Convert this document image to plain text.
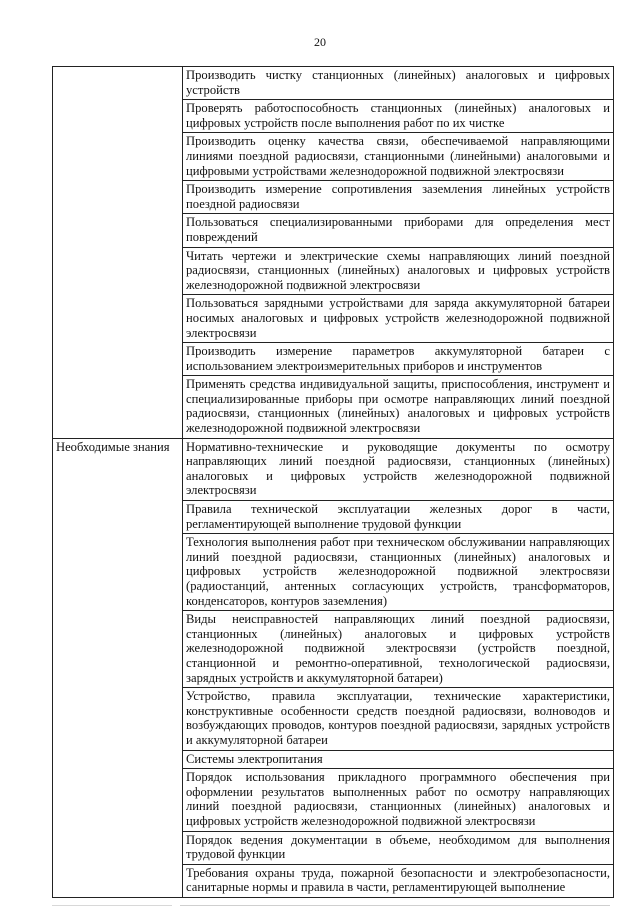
20
	Производить чистку станционных (линейных) аналоговых и цифровых устройств
	Проверять работоспособность станционных (линейных) аналоговых и цифровых устройств после выполнения работ по их чистке
	Производить оценку качества связи, обеспечиваемой направляющими линиями поездной радиосвязи, станционными (линейными) аналоговыми и цифровыми устройствами железнодорожной подвижной электросвязи
	Производить измерение сопротивления заземления линейных устройств поездной радиосвязи
	Пользоваться специализированными приборами для определения мест повреждений
	Читать чертежи и электрические схемы направляющих линий поездной радиосвязи, станционных (линейных) аналоговых и цифровых устройств железнодорожной подвижной электросвязи
	Пользоваться зарядными устройствами для заряда аккумуляторной батареи носимых аналоговых и цифровых устройств железнодорожной подвижной электросвязи
	Производить измерение параметров аккумуляторной батареи с использованием электроизмерительных приборов и инструментов
	Применять средства индивидуальной защиты, приспособления, инструмент и специализированные приборы при осмотре направляющих линий поездной радиосвязи, станционных (линейных) аналоговых и цифровых устройств железнодорожной подвижной электросвязи
Необходимые знания	Нормативно-технические и руководящие документы по осмотру направляющих линий поездной радиосвязи, станционных (линейных) аналоговых и цифровых устройств железнодорожной подвижной электросвязи
	Правила технической эксплуатации железных дорог в части, регламентирующей выполнение трудовой функции
	Технология выполнения работ при техническом обслуживании направляющих линий поездной радиосвязи, станционных (линейных) аналоговых и цифровых устройств железнодорожной подвижной электросвязи (радиостанций, антенных согласующих устройств, трансформаторов, конденсаторов, контуров заземления)
	Виды неисправностей направляющих линий поездной радиосвязи, станционных (линейных) аналоговых и цифровых устройств железнодорожной подвижной электросвязи (устройств поездной, станционной и ремонтно-оперативной, технологической радиосвязи, зарядных устройств и аккумуляторной батареи)
	Устройство, правила эксплуатации, технические характеристики, конструктивные особенности средств поездной радиосвязи, волноводов и возбуждающих проводов, контуров поездной радиосвязи, зарядных устройств и аккумуляторной батареи
	Системы электропитания
	Порядок использования прикладного программного обеспечения при оформлении результатов выполненных работ по осмотру направляющих линий поездной радиосвязи, станционных (линейных) аналоговых и цифровых устройств железнодорожной подвижной электросвязи
	Порядок ведения документации в объеме, необходимом для выполнения трудовой функции
	Требования охраны труда, пожарной безопасности и электробезопасности, санитарные нормы и правила в части, регламентирующей выполнение
